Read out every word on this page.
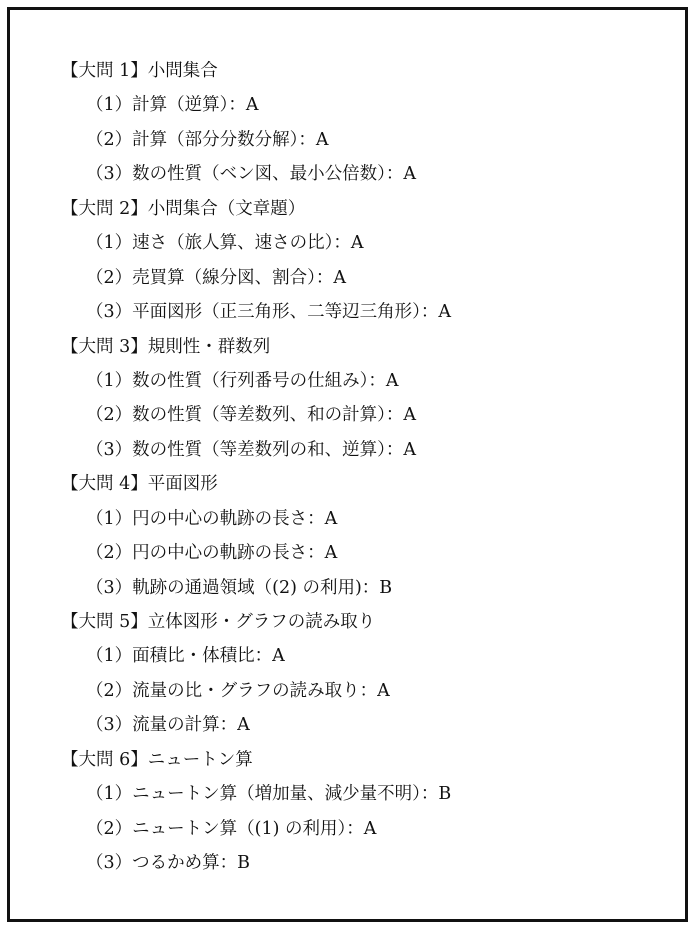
【大問 1】小問集合
（1）計算（逆算）：A
（2）計算（部分分数分解）：A
（3）数の性質（ベン図、最小公倍数）：A
【大問 2】小問集合（文章題）
（1）速さ（旅人算、速さの比）：A
（2）売買算（線分図、割合）：A
（3）平面図形（正三角形、二等辺三角形）：A
【大問 3】規則性・群数列
（1）数の性質（行列番号の仕組み）：A
（2）数の性質（等差数列、和の計算）：A
（3）数の性質（等差数列の和、逆算）：A
【大問 4】平面図形
（1）円の中心の軌跡の長さ：A
（2）円の中心の軌跡の長さ：A
（3）軌跡の通過領域（(2) の利用)：B
【大問 5】立体図形・グラフの読み取り
（1）面積比・体積比：A
（2）流量の比・グラフの読み取り：A
（3）流量の計算：A
【大問 6】ニュートン算
（1）ニュートン算（増加量、減少量不明）：B
（2）ニュートン算（(1) の利用）：A
（3）つるかめ算：B
